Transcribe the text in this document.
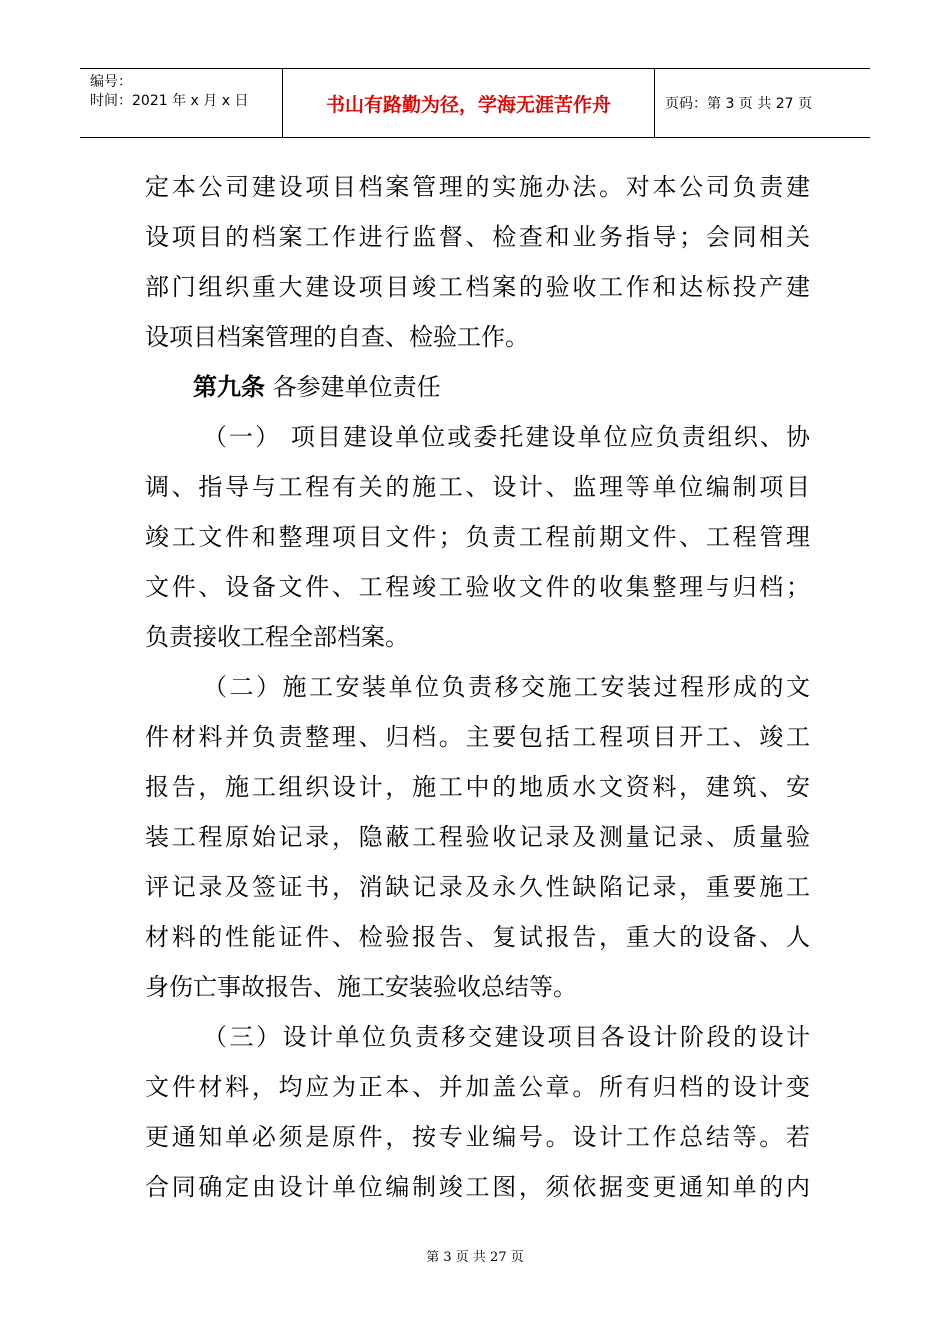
编号：
时间：2021 年 x 月 x 日	书山有路勤为径，学海无涯苦作舟	页码：第 3 页 共 27 页
定本公司建设项目档案管理的实施办法。对本公司负责建
设项目的档案工作进行监督、检查和业务指导；会同相关
部门组织重大建设项目竣工档案的验收工作和达标投产建
设项目档案管理的自查、检验工作。
第九条 各参建单位责任
（一） 项目建设单位或委托建设单位应负责组织、协
调、指导与工程有关的施工、设计、监理等单位编制项目
竣工文件和整理项目文件；负责工程前期文件、工程管理
文件、设备文件、工程竣工验收文件的收集整理与归档；
负责接收工程全部档案。
（二）施工安装单位负责移交施工安装过程形成的文
件材料并负责整理、归档。主要包括工程项目开工、竣工
报告，施工组织设计，施工中的地质水文资料，建筑、安
装工程原始记录，隐蔽工程验收记录及测量记录、质量验
评记录及签证书，消缺记录及永久性缺陷记录，重要施工
材料的性能证件、检验报告、复试报告，重大的设备、人
身伤亡事故报告、施工安装验收总结等。
（三）设计单位负责移交建设项目各设计阶段的设计
文件材料，均应为正本、并加盖公章。所有归档的设计变
更通知单必须是原件，按专业编号。设计工作总结等。若
合同确定由设计单位编制竣工图，须依据变更通知单的内
第 3 页 共 27 页
